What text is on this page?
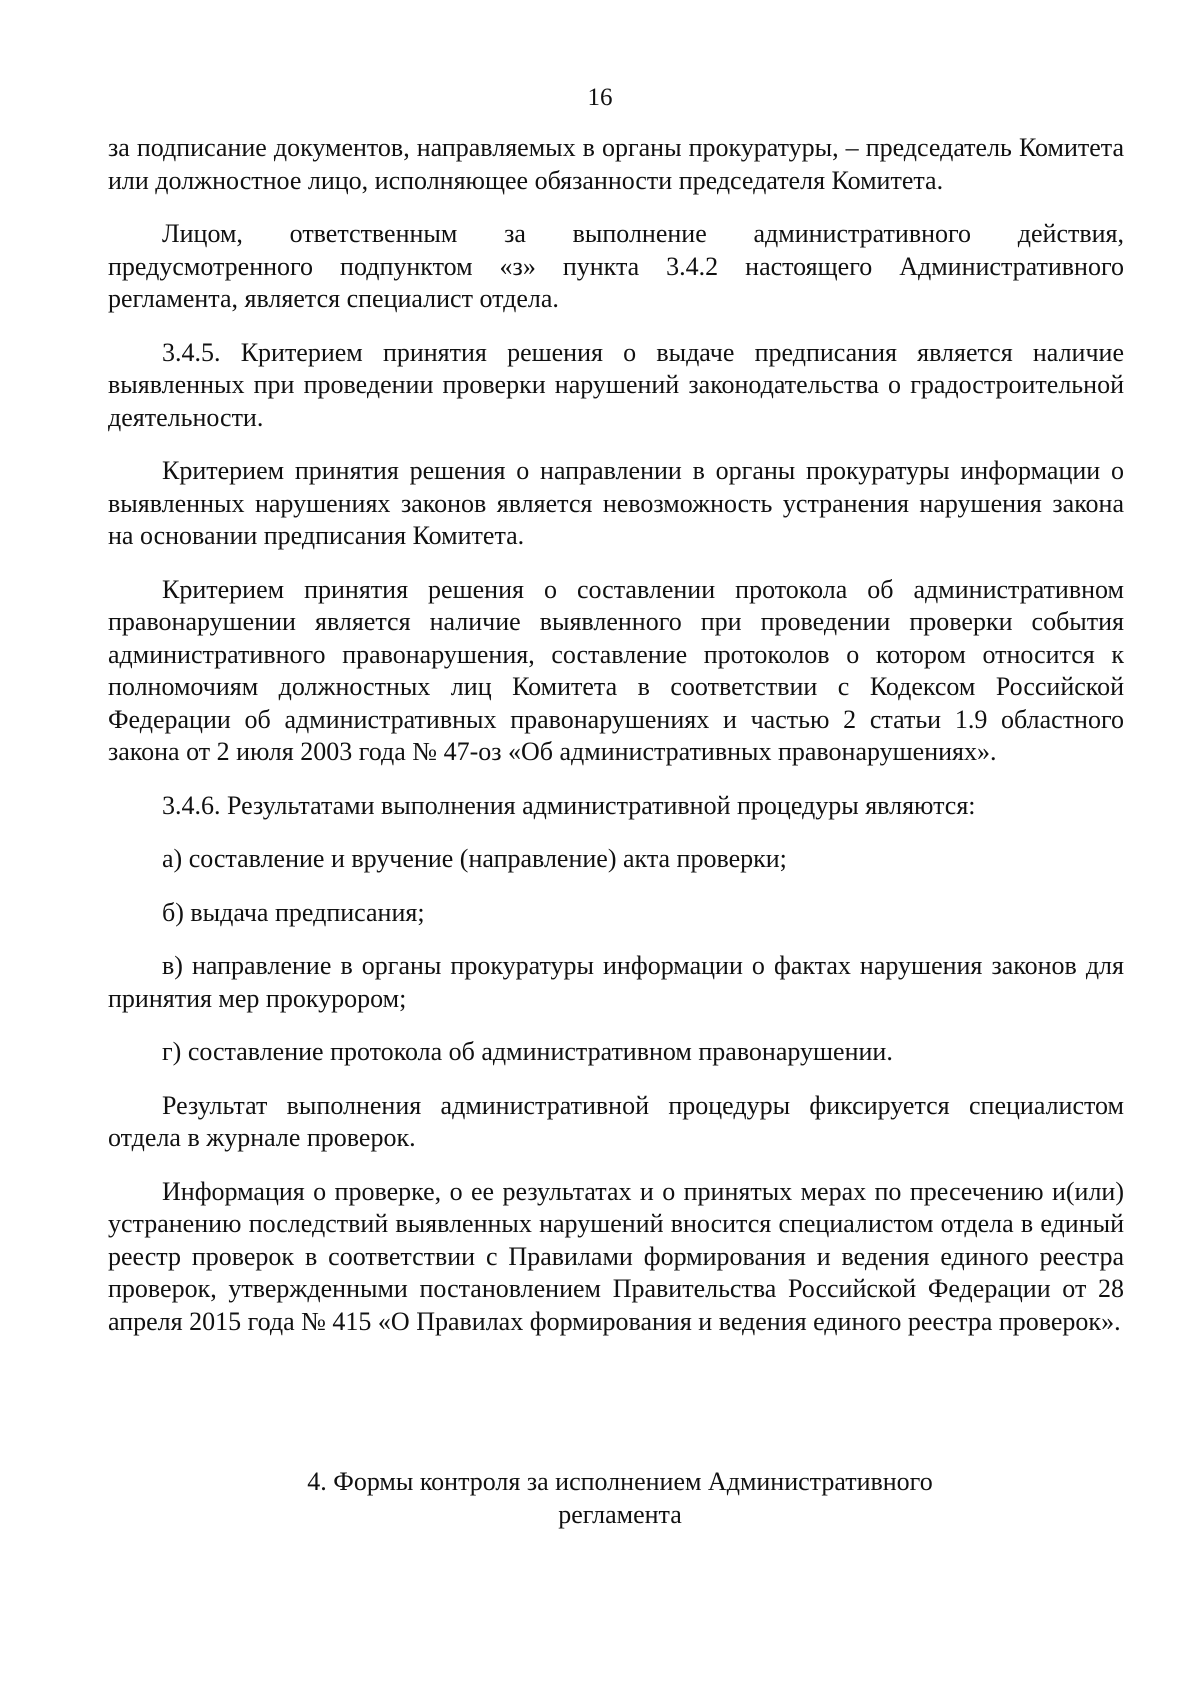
16

за подписание документов, направляемых в органы прокуратуры, – председатель Комитета или должностное лицо, исполняющее обязанности председателя Комитета.

Лицом, ответственным за выполнение административного действия, предусмотренного подпунктом «з» пункта 3.4.2 настоящего Административного регламента, является специалист отдела.

3.4.5. Критерием принятия решения о выдаче предписания является наличие выявленных при проведении проверки нарушений законодательства о градостроительной деятельности.

Критерием принятия решения о направлении в органы прокуратуры информации о выявленных нарушениях законов является невозможность устранения нарушения закона на основании предписания Комитета.

Критерием принятия решения о составлении протокола об административном правонарушении является наличие выявленного при проведении проверки события административного правонарушения, составление протоколов о котором относится к полномочиям должностных лиц Комитета в соответствии с Кодексом Российской Федерации об административных правонарушениях и частью 2 статьи 1.9 областного закона от 2 июля 2003 года № 47-оз «Об административных правонарушениях».

3.4.6. Результатами выполнения административной процедуры являются:

а) составление и вручение (направление) акта проверки;

б) выдача предписания;

в) направление в органы прокуратуры информации о фактах нарушения законов для принятия мер прокурором;

г) составление протокола об административном правонарушении.

Результат выполнения административной процедуры фиксируется специалистом отдела в журнале проверок.

Информация о проверке, о ее результатах и о принятых мерах по пресечению и(или) устранению последствий выявленных нарушений вносится специалистом отдела в единый реестр проверок в соответствии с Правилами формирования и ведения единого реестра проверок, утвержденными постановлением Правительства Российской Федерации от 28 апреля 2015 года № 415 «О Правилах формирования и ведения единого реестра проверок».

4. Формы контроля за исполнением Административного
регламента
